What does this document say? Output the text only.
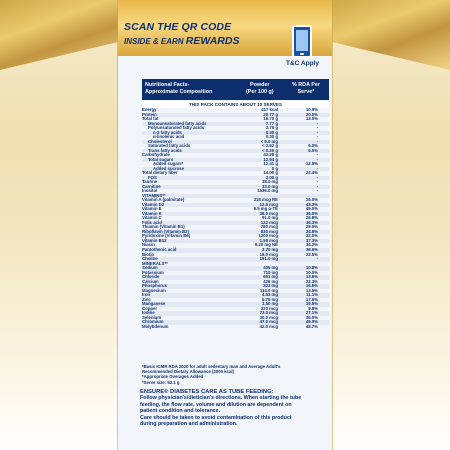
SCAN THE QR CODE
INSIDE & EARN REWARDS
T&C Apply
Nutritional Facts-
Approximate Composition
Powder
(Per 100 g)
% RDA Per
Serve*
THIS PACK CONTAINS ABOUT 10 SERVES
Energy	417 kcal	10.9%
Protein	20.77 g	20.0%
Total fat	16.70 g	13.0%
Monounsaturated fatty acids	7.77 g	-
Polyunsaturated fatty acids	3.76 g	-
n-3 fatty acids	0.30 g	-
α-linolenic acid	0.30 g	-
Cholesterol	< 6.0 mg	-
Saturated fatty acids	< 2.52 g	6.0%
Trans fatty acids	< 0.20 g	5.0%
Carbohydrate	42.28 g	-
Total sugars	12.94 g	-
Added sugars*	12.41 g	12.9%
Added sucrose	0 g	-
Total dietary fiber	14.00 g	24.4%
FOS	2.00 g	-
Taurine	38.0 mg	-
Carnitine	33.0 mg	-
Inositol	1536.0 mg	-
VITAMINS**
Vitamin A (palmitate)	318 mcg RE	16.0%
Vitamin D2	12.5 mcg	43.3%
Vitamin E	9.5 mg α-TE	49.0%
Vitamin K	38.0 mcg	36.0%
Vitamin C	91.0 mg	26.8%
Folic acid	122 mcg	36.3%
Thiamin (Vitamin B1)	780 mcg	29.0%
Riboflavin (Vitamin B2)	830 mcg	24.8%
Pyridoxine (Vitamin B6)	1200 mcg	32.0%
Vitamin B12	1.58 mcg	37.3%
Niacin	9.20 mg NE	34.2%
Pantothenic acid	3.70 mg	38.6%
Biotin	18.0 mcg	23.5%
Choline	191.0 mg	-
MINERALS**
Sodium	405 mg	10.8%
Potassium	710 mg	10.0%
Chloride	601 mg	13.6%
Calcium	426 mg	22.3%
Phosphorus	323 mg	16.8%
Magnesium	114.0 mg	13.5%
Iron	4.53 mg	11.1%
Zinc	5.75 mg	17.6%
Manganese	1.50 mg	19.5%
Copper	320 mcg	9.8%
Iodine	73.0 mcg	27.1%
Selenium	30.0 mcg	36.0%
Chromium	47.0 mcg	49.0%
Molybdenum	42.0 mcg	48.7%
*Basis ICMR RDA 2020 for adult sedentary man and Average Adult's
Recommended Dietary Allowance (2000 kcal)
*Appropriate Overages Added
*Serve size: 52.1 g
ENSURE® DIABETES CARE AS TUBE FEEDING:
Follow physician's/dietician's directions. When starting the tube
feeding, the flow rate, volume and dilution are dependent on
patient condition and tolerance.
Care should be taken to avoid contamination of this product
during preparation and administration.
